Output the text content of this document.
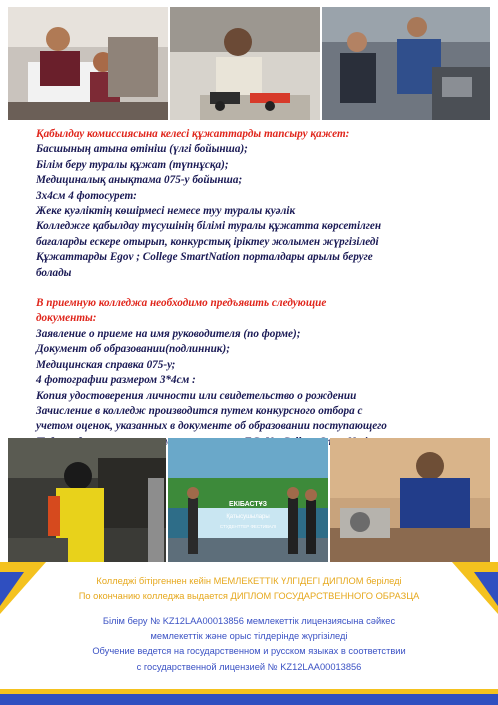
Қабылдау комиссиясына келесі құжаттарды тапсыру қажет:
Басшының атына өтініш (үлгі бойынша);
Білім беру туралы құжат (түпнұсқа);
Медициналық анықтама 075-у бойынша;
3х4см 4 фотосурет:
Жеке куәліктің көшірмесі немесе туу туралы куәлік
Колледжге қабылдау түсушінің білімі туралы құжатта көрсетілген
бағаларды ескере отырып, конкурстық іріктеу жолымен жүргізіледі
Құжаттарды Egov ; College SmartNation порталдары арылы беруге
болады
В приемную колледжа необходимо предъявить следующие
документы:
Заявление о приеме на имя руководителя (по форме);
Документ об образовании(подлинник);
Медицинская справка 075-у;
4 фотографии размером 3*4см :
Копия удостоверения личности или свидетельство о рождении
Зачисление в колледж производится путем конкурсного отбора с
учетом оценок, указанных в документе об образовании поступающего
ЕКІБАСТҰЗ
Қатысушылары
СТУДЕНТТЕР ФЕСТИВАЛІ
Колледжі бітіргеннен кейін МЕМЛЕКЕТТІК ҮЛГІДЕГІ ДИПЛОМ беріледі
По окончанию колледжа выдается ДИПЛОМ ГОСУДАРСТВЕННОГО ОБРАЗЦА
Білім беру № KZ12LAA00013856 мемлекеттік лицензиясына сәйкес
мемлекеттік және орыс тілдерінде жүргізіледі
Обучение ведется на государственном и русском языках в соответствии
с государственной лицензией № KZ12LAA00013856
